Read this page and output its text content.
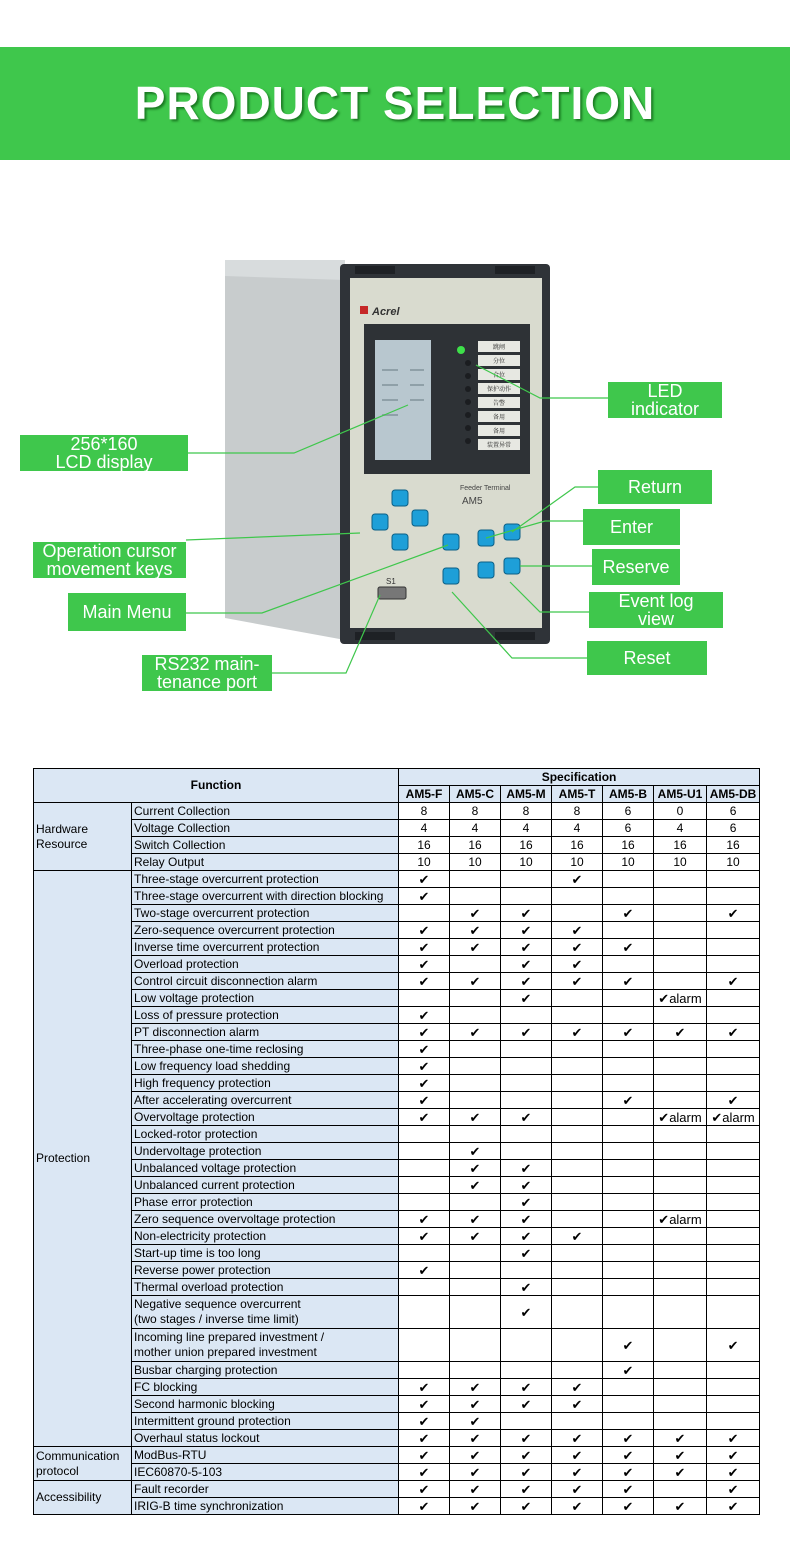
PRODUCT SELECTION
Acrel
跳闸
分位
合位
保护动作
告警
备用
备用
装置异常
Feeder Terminal
AM5
S1
256*160
LCD display
Operation cursor
movement keys
Main Menu
RS232 main-
tenance port
LED
indicator
Return
Enter
Reserve
Event log
view
Reset
Function		Specification						
		AM5-F	AM5-C	AM5-M	AM5-T	AM5-B	AM5-U1	AM5-DB
Hardware Resource	Current Collection	8	8	8	8	6	0	6
	Voltage Collection	4	4	4	4	6	4	6
	Switch Collection	16	16	16	16	16	16	16
	Relay Output	10	10	10	10	10	10	10
Protection	Three-stage overcurrent protection	✔			✔			
	Three-stage overcurrent with direction blocking	✔						
	Two-stage overcurrent protection		✔	✔		✔		✔
	Zero-sequence overcurrent protection	✔	✔	✔	✔			
	Inverse time overcurrent protection	✔	✔	✔	✔	✔		
	Overload protection	✔		✔	✔			
	Control circuit disconnection alarm	✔	✔	✔	✔	✔		✔
	Low voltage protection			✔			✔alarm	
	Loss of pressure protection	✔						
	PT disconnection alarm	✔	✔	✔	✔	✔	✔	✔
	Three-phase one-time reclosing	✔						
	Low frequency load shedding	✔						
	High frequency protection	✔						
	After accelerating overcurrent	✔				✔		✔
	Overvoltage protection	✔	✔	✔			✔alarm	✔alarm
	Locked-rotor protection							
	Undervoltage protection		✔					
	Unbalanced voltage protection		✔	✔				
	Unbalanced current protection		✔	✔				
	Phase error protection			✔				
	Zero sequence overvoltage protection	✔	✔	✔			✔alarm	
	Non-electricity protection	✔	✔	✔	✔			
	Start-up time is too long			✔				
	Reverse power protection	✔						
	Thermal overload protection			✔				
	Negative sequence overcurrent
(two stages / inverse time limit)			✔				
	Incoming line prepared investment /
mother union prepared investment					✔		✔
	Busbar charging protection					✔		
	FC blocking	✔	✔	✔	✔			
	Second harmonic blocking	✔	✔	✔	✔			
	Intermittent ground protection	✔	✔					
	Overhaul status lockout	✔	✔	✔	✔	✔	✔	✔
Communication protocol	ModBus-RTU	✔	✔	✔	✔	✔	✔	✔
	IEC60870-5-103	✔	✔	✔	✔	✔	✔	✔
Accessibility	Fault recorder	✔	✔	✔	✔	✔		✔
	IRIG-B time synchronization	✔	✔	✔	✔	✔	✔	✔
